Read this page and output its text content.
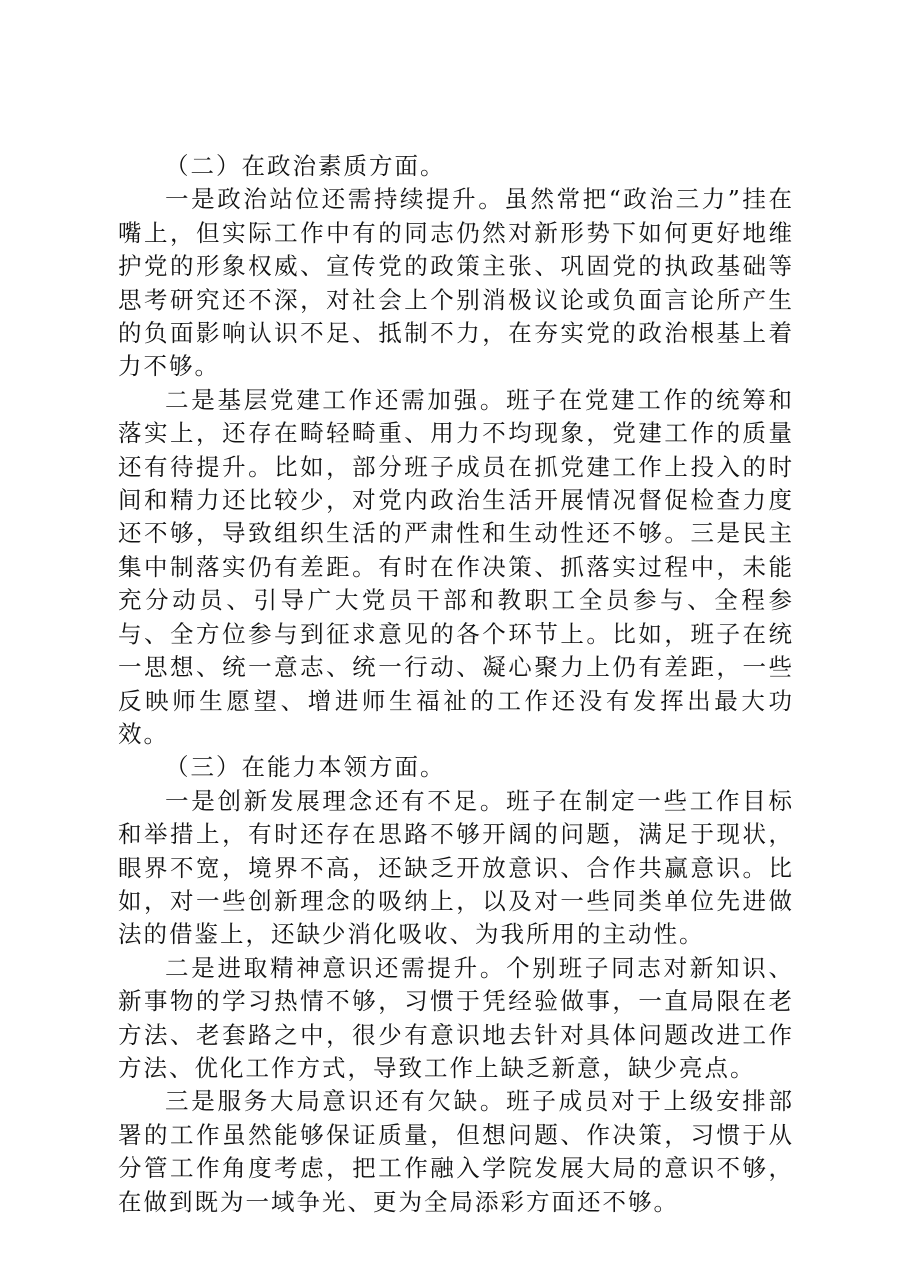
（二）在政治素质方面。

一是政治站位还需持续提升。虽然常把“政治三力”挂在嘴上，但实际工作中有的同志仍然对新形势下如何更好地维护党的形象权威、宣传党的政策主张、巩固党的执政基础等思考研究还不深，对社会上个别消极议论或负面言论所产生的负面影响认识不足、抵制不力，在夯实党的政治根基上着力不够。

二是基层党建工作还需加强。班子在党建工作的统筹和落实上，还存在畸轻畸重、用力不均现象，党建工作的质量还有待提升。比如，部分班子成员在抓党建工作上投入的时间和精力还比较少，对党内政治生活开展情况督促检查力度还不够，导致组织生活的严肃性和生动性还不够。三是民主集中制落实仍有差距。有时在作决策、抓落实过程中，未能充分动员、引导广大党员干部和教职工全员参与、全程参与、全方位参与到征求意见的各个环节上。比如，班子在统一思想、统一意志、统一行动、凝心聚力上仍有差距，一些反映师生愿望、增进师生福祉的工作还没有发挥出最大功效。

（三）在能力本领方面。

一是创新发展理念还有不足。班子在制定一些工作目标和举措上，有时还存在思路不够开阔的问题，满足于现状，眼界不宽，境界不高，还缺乏开放意识、合作共赢意识。比如，对一些创新理念的吸纳上，以及对一些同类单位先进做法的借鉴上，还缺少消化吸收、为我所用的主动性。

二是进取精神意识还需提升。个别班子同志对新知识、新事物的学习热情不够，习惯于凭经验做事，一直局限在老方法、老套路之中，很少有意识地去针对具体问题改进工作方法、优化工作方式，导致工作上缺乏新意，缺少亮点。

三是服务大局意识还有欠缺。班子成员对于上级安排部署的工作虽然能够保证质量，但想问题、作决策，习惯于从分管工作角度考虑，把工作融入学院发展大局的意识不够，在做到既为一域争光、更为全局添彩方面还不够。
